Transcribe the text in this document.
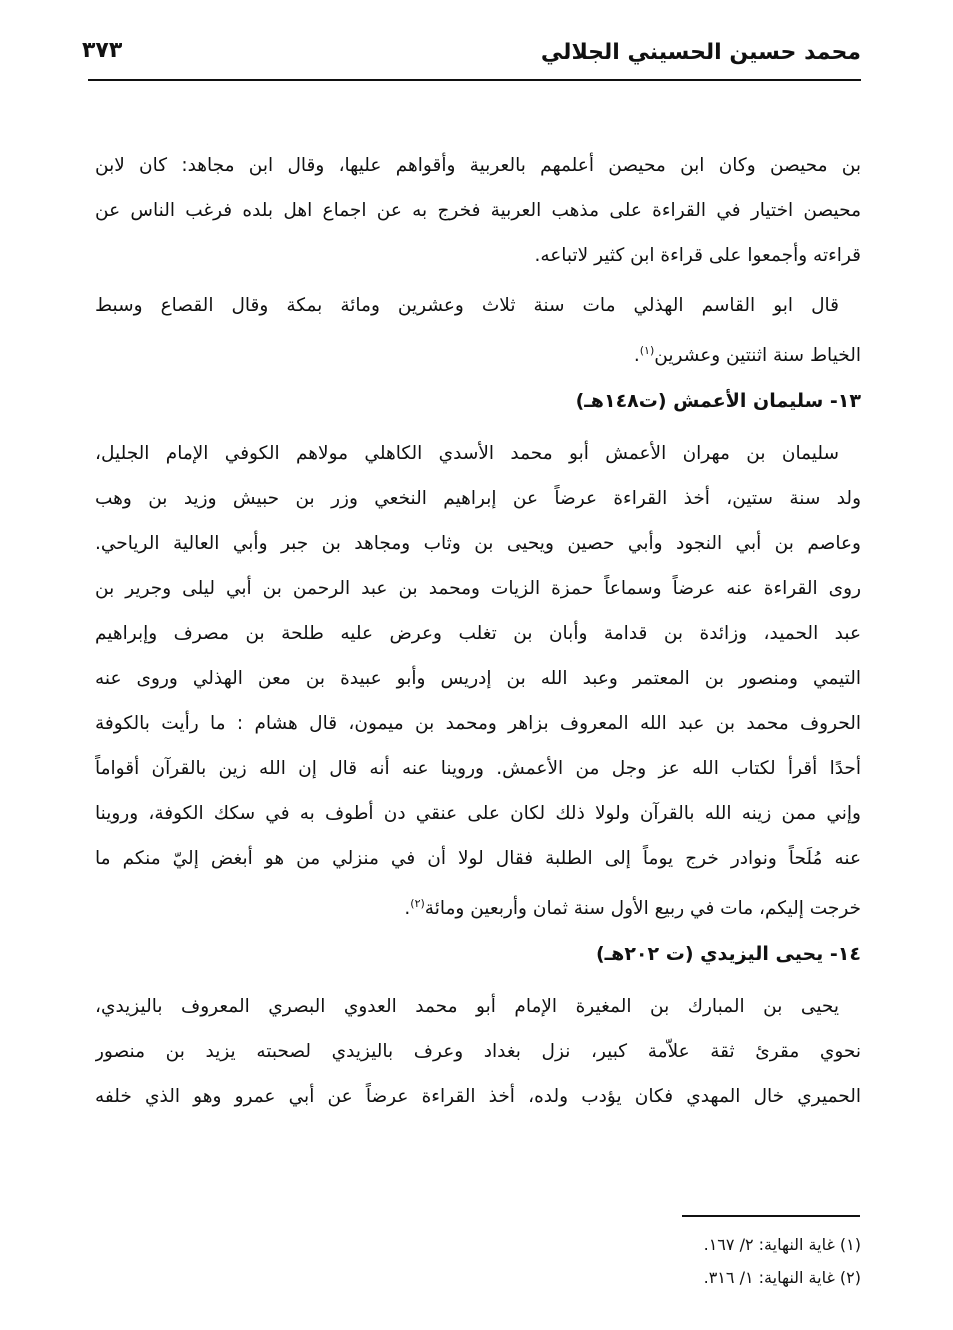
محمد حسين الحسيني الجلالي
٣٧٣
بن محيصن وكان ابن محيصن أعلمهم بالعربية وأقواهم عليها، وقال ابن مجاهد: كان لابن
محيصن اختيار في القراءة على مذهب العربية فخرج به عن اجماع اهل بلده فرغب الناس عن
قراءته وأجمعوا على قراءة ابن كثير لاتباعه.
قال ابو القاسم الهذلي مات سنة ثلاث وعشرين ومائة بمكة وقال القصاع وسبط
الخياط سنة اثنتين وعشرين$^{(١)}$.
١٣- سليمان الأعمش (ت١٤٨هـ)
سليمان بن مهران الأعمش أبو محمد الأسدي الكاهلي مولاهم الكوفي الإمام الجليل،
ولد سنة ستين، أخذ القراءة عرضاً عن إبراهيم النخعي وزر بن حبيش وزيد بن وهب
وعاصم بن أبي النجود وأبي حصين ويحيى بن وثاب ومجاهد بن جبر وأبي العالية الرياحي.
روى القراءة عنه عرضاً وسماعاً حمزة الزيات ومحمد بن عبد الرحمن بن أبي ليلى وجرير بن
عبد الحميد، وزائدة بن قدامة وأبان بن تغلب وعرض عليه طلحة بن مصرف وإبراهيم
التيمي ومنصور بن المعتمر وعبد الله بن إدريس وأبو عبيدة بن معن الهذلي وروى عنه
الحروف محمد بن عبد الله المعروف بزاهر ومحمد بن ميمون، قال هشام : ما رأيت بالكوفة
أحدًا أقرأ لكتاب الله عز وجل من الأعمش. وروينا عنه أنه قال إن الله زين بالقرآن أقواماً
وإني ممن زينه الله بالقرآن ولولا ذلك لكان على عنقي دن أطوف به في سكك الكوفة، وروينا
عنه مُلَحاً ونوادر خرج يوماً إلى الطلبة فقال لولا أن في منزلي من هو أبغض إليّ منكم ما
خرجت إليكم، مات في ربيع الأول سنة ثمان وأربعين ومائة$^{(٢)}$.
١٤- يحيى اليزيدي (ت ٢٠٢هـ)
يحيى بن المبارك بن المغيرة الإمام أبو محمد العدوي البصري المعروف باليزيدي،
نحوي مقرئ ثقة علاّمة كبير، نزل بغداد وعرف باليزيدي لصحبته يزيد بن منصور
الحميري خال المهدي فكان يؤدب ولده، أخذ القراءة عرضاً عن أبي عمرو وهو الذي خلفه
(١) غاية النهاية: ٢/ ١٦٧.
(٢) غاية النهاية: ١/ ٣١٦.
